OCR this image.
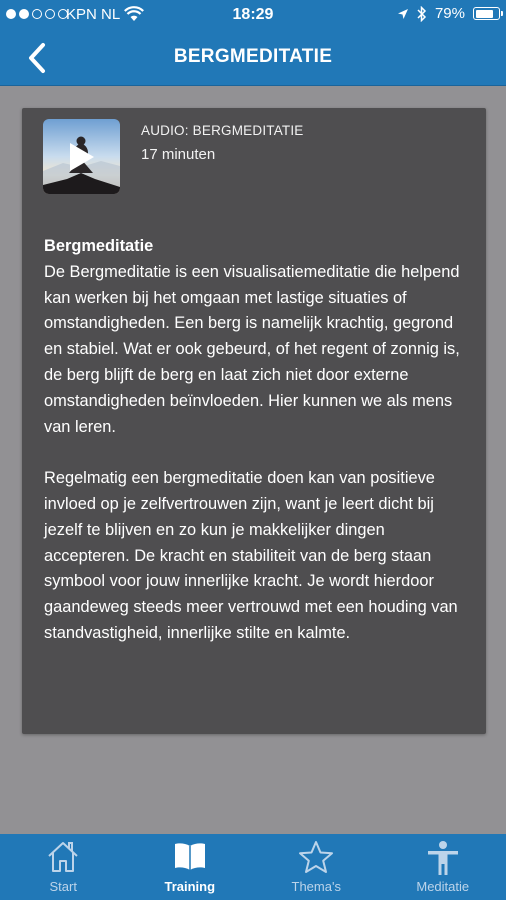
KPN NL	18:29	79%
BERGMEDITATIE
AUDIO: BERGMEDITATIE
17 minuten
Bergmeditatie

De Bergmeditatie is een visualisatiemeditatie die helpend kan werken bij het omgaan met lastige situaties of omstandigheden. Een berg is namelijk krachtig, gegrond en stabiel. Wat er ook gebeurd, of het regent of zonnig is, de berg blijft de berg en laat zich niet door externe omstandigheden beïnvloeden. Hier kunnen we als mens van leren.

Regelmatig een bergmeditatie doen kan van positieve invloed op je zelfvertrouwen zijn, want je leert dicht bij jezelf te blijven en zo kun je makkelijker dingen accepteren. De kracht en stabiliteit van de berg staan symbool voor jouw innerlijke kracht. Je wordt hierdoor gaandeweg steeds meer vertrouwd met een houding van standvastigheid, innerlijke stilte en kalmte.

Start	Training	Thema's	Meditatie
